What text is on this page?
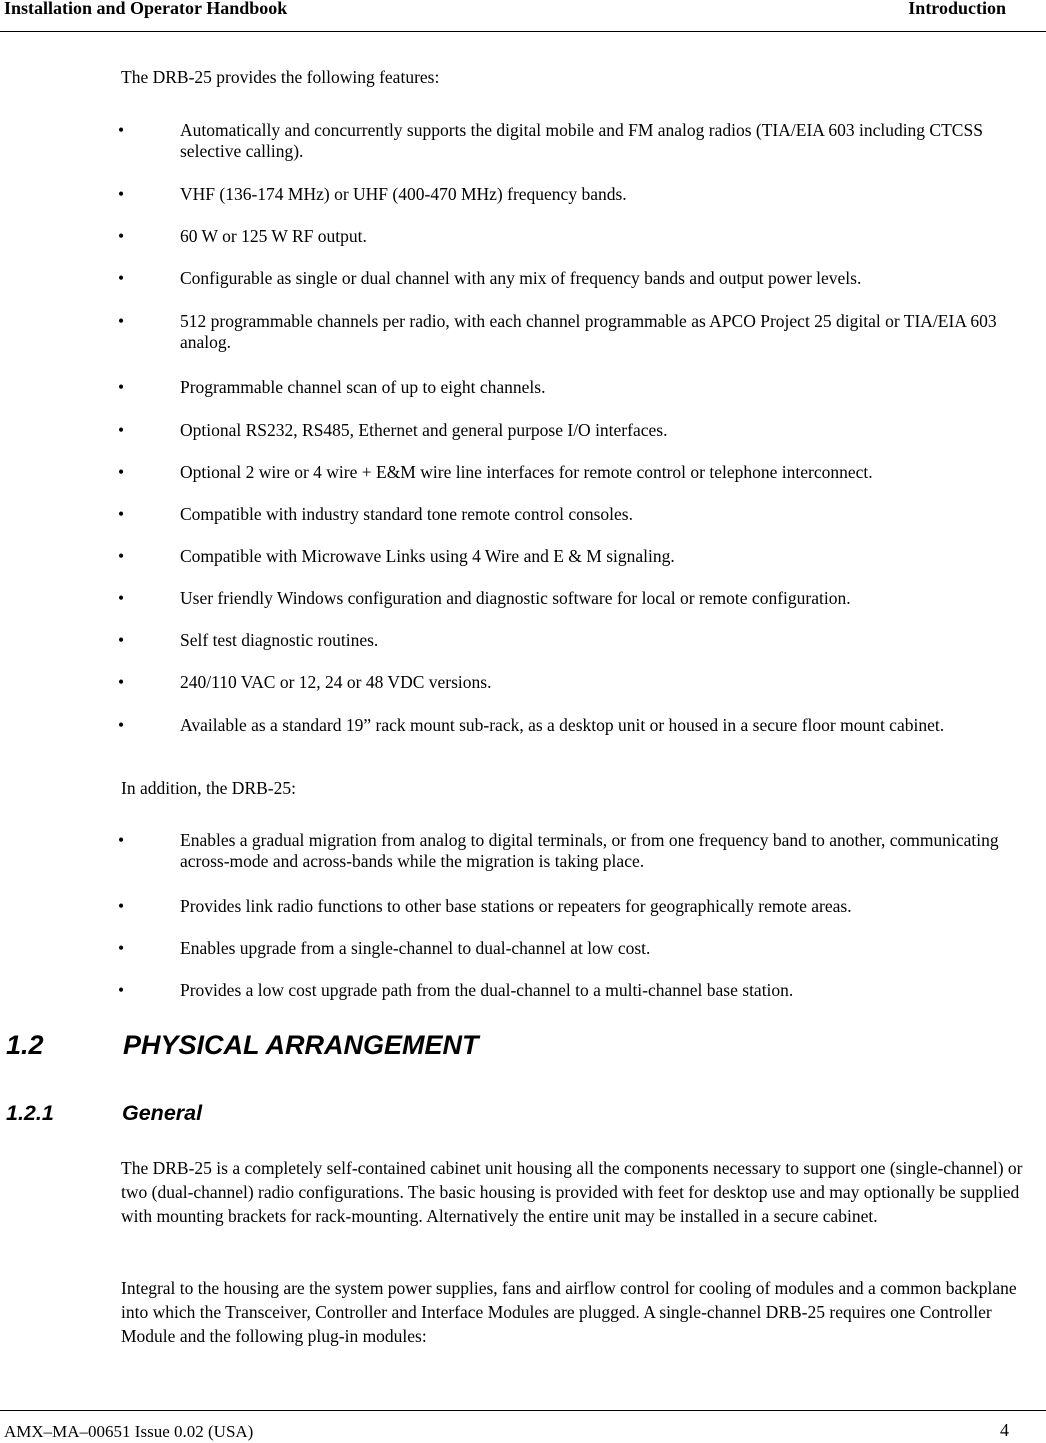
Installation and Operator Handbook	Introduction
The DRB-25 provides the following features:
•	Automatically and concurrently supports the digital mobile and FM analog radios (TIA/EIA 603 including CTCSS selective calling).
•	VHF (136-174 MHz) or UHF (400-470 MHz) frequency bands.
•	60 W or 125 W RF output.
•	Configurable as single or dual channel with any mix of frequency bands and output power levels.
•	512 programmable channels per radio, with each channel programmable as APCO Project 25 digital or TIA/EIA 603 analog.
•	Programmable channel scan of up to eight channels.
•	Optional RS232, RS485, Ethernet and general purpose I/O interfaces.
•	Optional 2 wire or 4 wire + E&M wire line interfaces for remote control or telephone interconnect.
•	Compatible with industry standard tone remote control consoles.
•	Compatible with Microwave Links using 4 Wire and E & M signaling.
•	User friendly Windows configuration and diagnostic software for local or remote configuration.
•	Self test diagnostic routines.
•	240/110 VAC or 12, 24 or 48 VDC versions.
•	Available as a standard 19” rack mount sub-rack, as a desktop unit or housed in a secure floor mount cabinet.
In addition, the DRB-25:
•	Enables a gradual migration from analog to digital terminals, or from one frequency band to another, communicating across-mode and across-bands while the migration is taking place.
•	Provides link radio functions to other base stations or repeaters for geographically remote areas.
•	Enables upgrade from a single-channel to dual-channel at low cost.
•	Provides a low cost upgrade path from the dual-channel to a multi-channel base station.
1.2	PHYSICAL ARRANGEMENT
1.2.1	General

The DRB-25 is a completely self-contained cabinet unit housing all the components necessary to support one (single-channel) or two (dual-channel) radio configurations. The basic housing is provided with feet for desktop use and may optionally be supplied with mounting brackets for rack-mounting. Alternatively the entire unit may be installed in a secure cabinet.

Integral to the housing are the system power supplies, fans and airflow control for cooling of modules and a common backplane into which the Transceiver, Controller and Interface Modules are plugged. A single-channel DRB-25 requires one Controller Module and the following plug-in modules:

AMX–MA–00651 Issue 0.02 (USA)	4
